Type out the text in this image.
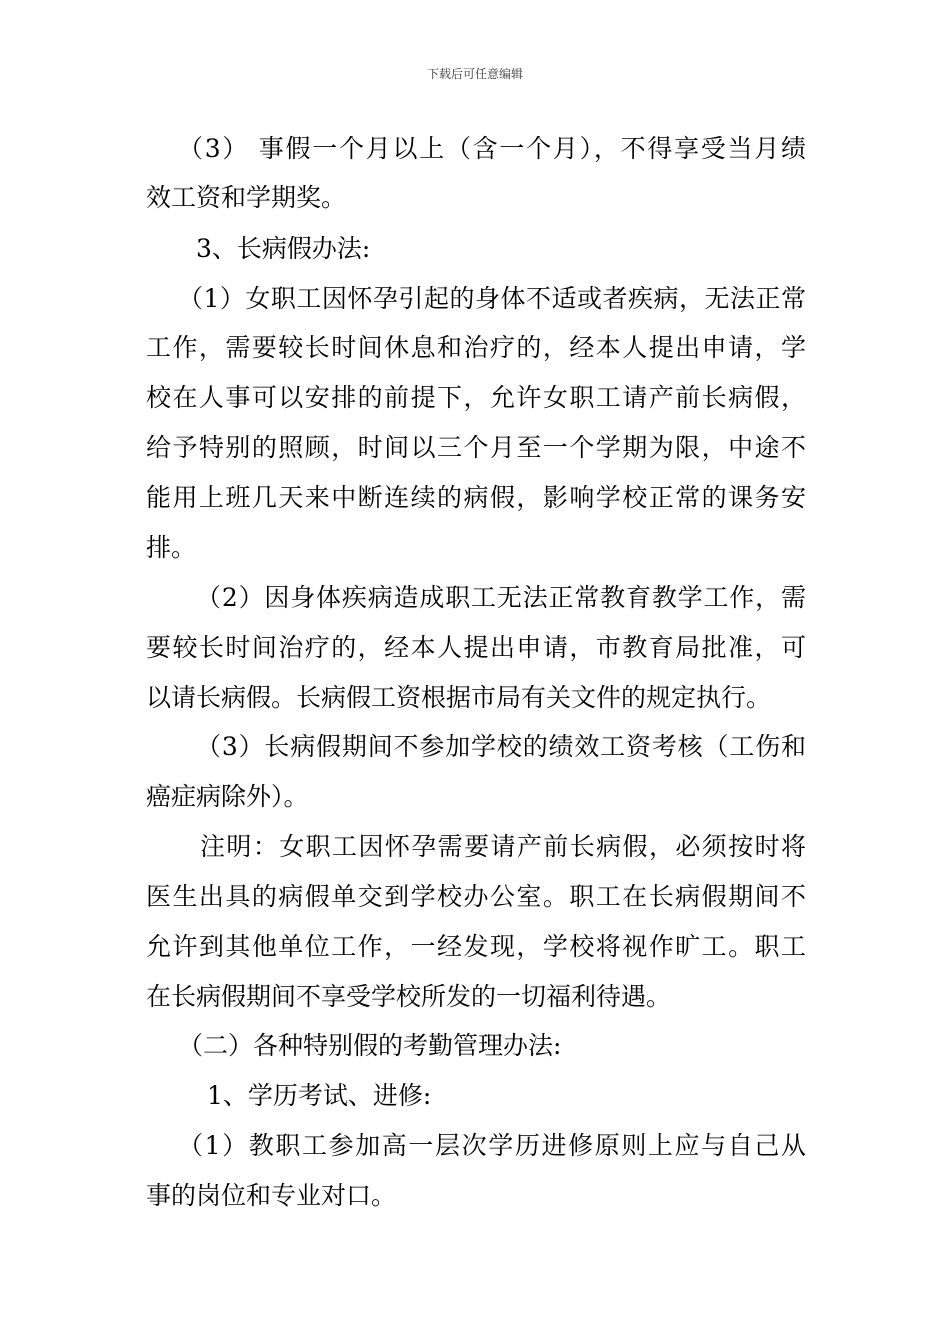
下载后可任意编辑
（3） 事假一个月以上（含一个月），不得享受当月绩
效工资和学期奖。
3、长病假办法:
（1）女职工因怀孕引起的身体不适或者疾病，无法正常
工作，需要较长时间休息和治疗的，经本人提出申请，学
校在人事可以安排的前提下，允许女职工请产前长病假，
给予特别的照顾，时间以三个月至一个学期为限，中途不
能用上班几天来中断连续的病假，影响学校正常的课务安
排。
（2）因身体疾病造成职工无法正常教育教学工作，需
要较长时间治疗的，经本人提出申请，市教育局批准，可
以请长病假。长病假工资根据市局有关文件的规定执行。
（3）长病假期间不参加学校的绩效工资考核（工伤和
癌症病除外）。
注明：女职工因怀孕需要请产前长病假，必须按时将
医生出具的病假单交到学校办公室。职工在长病假期间不
允许到其他单位工作，一经发现，学校将视作旷工。职工
在长病假期间不享受学校所发的一切福利待遇。
（二）各种特别假的考勤管理办法:
1、学历考试、进修:
（1）教职工参加高一层次学历进修原则上应与自己从
事的岗位和专业对口。
